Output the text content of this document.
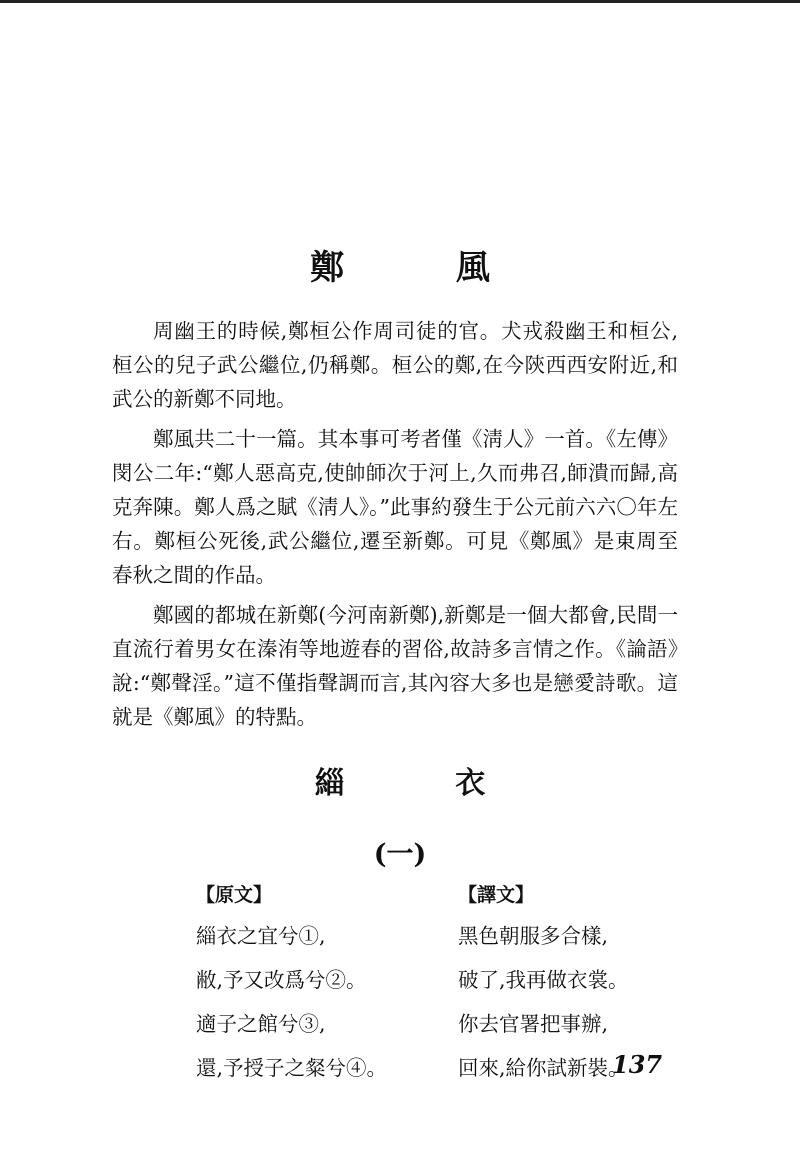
鄭 風

周幽王的時候,鄭桓公作周司徒的官。犬戎殺幽王和桓公,桓公的兒子武公繼位,仍稱鄭。桓公的鄭,在今陝西西安附近,和武公的新鄭不同地。

鄭風共二十一篇。其本事可考者僅《淸人》一首。《左傳》閔公二年:“鄭人惡高克,使帥師次于河上,久而弗召,師潰而歸,高克奔陳。鄭人爲之賦《淸人》。”此事約發生于公元前六六〇年左右。鄭桓公死後,武公繼位,遷至新鄭。可見《鄭風》是東周至春秋之間的作品。

鄭國的都城在新鄭(今河南新鄭),新鄭是一個大都會,民間一直流行着男女在溱洧等地遊春的習俗,故詩多言情之作。《論語》說:“鄭聲淫。”這不僅指聲調而言,其內容大多也是戀愛詩歌。這就是《鄭風》的特點。

緇 衣
(一)
【原文】
緇衣之宜兮①,
敝,予又改爲兮②。
適子之館兮③,
還,予授子之粲兮④。
【譯文】
黑色朝服多合樣,
破了,我再做衣裳。
你去官署把事辦,
回來,給你試新裝。
137
